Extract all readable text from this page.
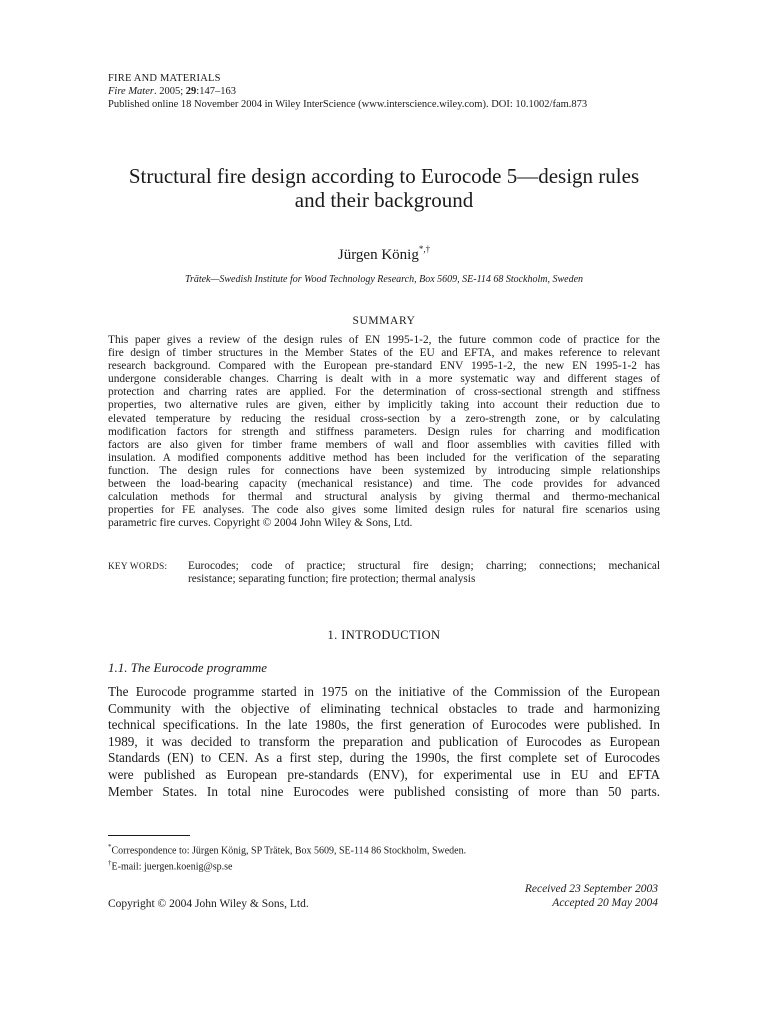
FIRE AND MATERIALS
Fire Mater. 2005; 29:147–163
Published online 18 November 2004 in Wiley InterScience (www.interscience.wiley.com). DOI: 10.1002/fam.873
Structural fire design according to Eurocode 5—design rules
and their background
Jürgen König*,†
Trätek—Swedish Institute for Wood Technology Research, Box 5609, SE-114 68 Stockholm, Sweden
SUMMARY
This paper gives a review of the design rules of EN 1995-1-2, the future common code of practice for the
fire design of timber structures in the Member States of the EU and EFTA, and makes reference to relevant
research background. Compared with the European pre-standard ENV 1995-1-2, the new EN 1995-1-2 has
undergone considerable changes. Charring is dealt with in a more systematic way and different stages of
protection and charring rates are applied. For the determination of cross-sectional strength and stiffness
properties, two alternative rules are given, either by implicitly taking into account their reduction due to
elevated temperature by reducing the residual cross-section by a zero-strength zone, or by calculating
modification factors for strength and stiffness parameters. Design rules for charring and modification
factors are also given for timber frame members of wall and floor assemblies with cavities filled with
insulation. A modified components additive method has been included for the verification of the separating
function. The design rules for connections have been systemized by introducing simple relationships
between the load-bearing capacity (mechanical resistance) and time. The code provides for advanced
calculation methods for thermal and structural analysis by giving thermal and thermo-mechanical
properties for FE analyses. The code also gives some limited design rules for natural fire scenarios using
parametric fire curves. Copyright © 2004 John Wiley & Sons, Ltd.
KEY WORDS: Eurocodes; code of practice; structural fire design; charring; connections; mechanical
resistance; separating function; fire protection; thermal analysis
1. INTRODUCTION
1.1. The Eurocode programme
The Eurocode programme started in 1975 on the initiative of the Commission of the European
Community with the objective of eliminating technical obstacles to trade and harmonizing
technical specifications. In the late 1980s, the first generation of Eurocodes were published. In
1989, it was decided to transform the preparation and publication of Eurocodes as European
Standards (EN) to CEN. As a first step, during the 1990s, the first complete set of Eurocodes
were published as European pre-standards (ENV), for experimental use in EU and EFTA
Member States. In total nine Eurocodes were published consisting of more than 50 parts.
*Correspondence to: Jürgen König, SP Trätek, Box 5609, SE-114 86 Stockholm, Sweden.
†E-mail: juergen.koenig@sp.se
Copyright © 2004 John Wiley & Sons, Ltd.
Received 23 September 2003
Accepted 20 May 2004
